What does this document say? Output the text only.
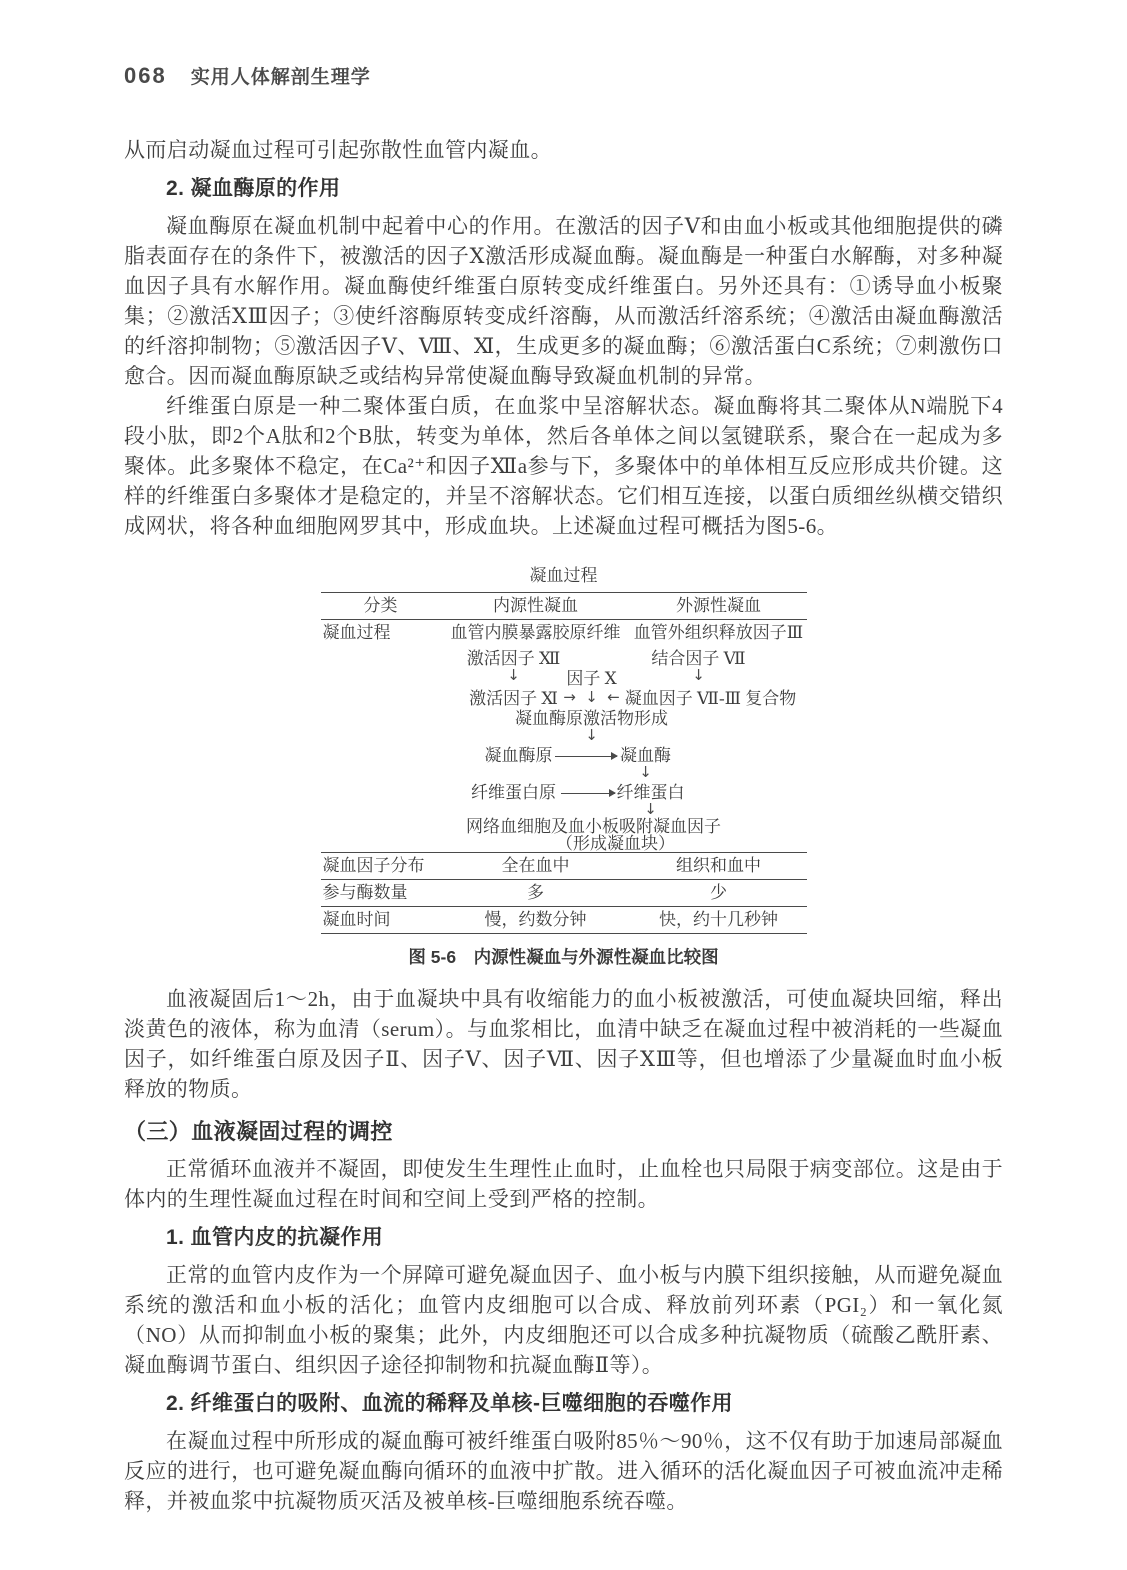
068 实用人体解剖生理学

从而启动凝血过程可引起弥散性血管内凝血。

2. 凝血酶原的作用

凝血酶原在凝血机制中起着中心的作用。在激活的因子Ⅴ和由血小板或其他细胞提供的磷脂表面存在的条件下，被激活的因子Ⅹ激活形成凝血酶。凝血酶是一种蛋白水解酶，对多种凝血因子具有水解作用。凝血酶使纤维蛋白原转变成纤维蛋白。另外还具有：①诱导血小板聚集；②激活ⅩⅢ因子；③使纤溶酶原转变成纤溶酶，从而激活纤溶系统；④激活由凝血酶激活的纤溶抑制物；⑤激活因子Ⅴ、Ⅷ、Ⅺ，生成更多的凝血酶；⑥激活蛋白C系统；⑦刺激伤口愈合。因而凝血酶原缺乏或结构异常使凝血酶导致凝血机制的异常。

纤维蛋白原是一种二聚体蛋白质，在血浆中呈溶解状态。凝血酶将其二聚体从N端脱下4段小肽，即2个A肽和2个B肽，转变为单体，然后各单体之间以氢键联系，聚合在一起成为多聚体。此多聚体不稳定，在Ca²⁺和因子Ⅻa参与下，多聚体中的单体相互反应形成共价键。这样的纤维蛋白多聚体才是稳定的，并呈不溶解状态。它们相互连接，以蛋白质细丝纵横交错织成网状，将各种血细胞网罗其中，形成血块。上述凝血过程可概括为图5-6。

凝血过程
分类	内源性凝血	外源性凝血
凝血过程	血管内膜暴露胶原纤维 血管外组织释放因子Ⅲ
激活因子 Ⅻ	结合因子 Ⅶ
↓	因子 Ⅹ	↓
激活因子 Ⅺ → ↓ ← 凝血因子 Ⅶ-Ⅲ 复合物
凝血酶原激活物形成
↓
凝血酶原	凝血酶
↓
纤维蛋白原	纤维蛋白
↓
网络血细胞及血小板吸附凝血因子
（形成凝血块）
凝血因子分布	全在血中	组织和血中
参与酶数量	多	少
凝血时间	慢，约数分钟	快，约十几秒钟
图 5-6　内源性凝血与外源性凝血比较图

血液凝固后1～2h，由于血凝块中具有收缩能力的血小板被激活，可使血凝块回缩，释出淡黄色的液体，称为血清（serum）。与血浆相比，血清中缺乏在凝血过程中被消耗的一些凝血因子，如纤维蛋白原及因子Ⅱ、因子Ⅴ、因子Ⅶ、因子ⅩⅢ等，但也增添了少量凝血时血小板释放的物质。

（三）血液凝固过程的调控

正常循环血液并不凝固，即使发生生理性止血时，止血栓也只局限于病变部位。这是由于体内的生理性凝血过程在时间和空间上受到严格的控制。

1. 血管内皮的抗凝作用

正常的血管内皮作为一个屏障可避免凝血因子、血小板与内膜下组织接触，从而避免凝血系统的激活和血小板的活化；血管内皮细胞可以合成、释放前列环素（PGI₂）和一氧化氮（NO）从而抑制血小板的聚集；此外，内皮细胞还可以合成多种抗凝物质（硫酸乙酰肝素、凝血酶调节蛋白、组织因子途径抑制物和抗凝血酶Ⅱ等）。

2. 纤维蛋白的吸附、血流的稀释及单核-巨噬细胞的吞噬作用

在凝血过程中所形成的凝血酶可被纤维蛋白吸附85％～90％，这不仅有助于加速局部凝血反应的进行，也可避免凝血酶向循环的血液中扩散。进入循环的活化凝血因子可被血流冲走稀释，并被血浆中抗凝物质灭活及被单核-巨噬细胞系统吞噬。
